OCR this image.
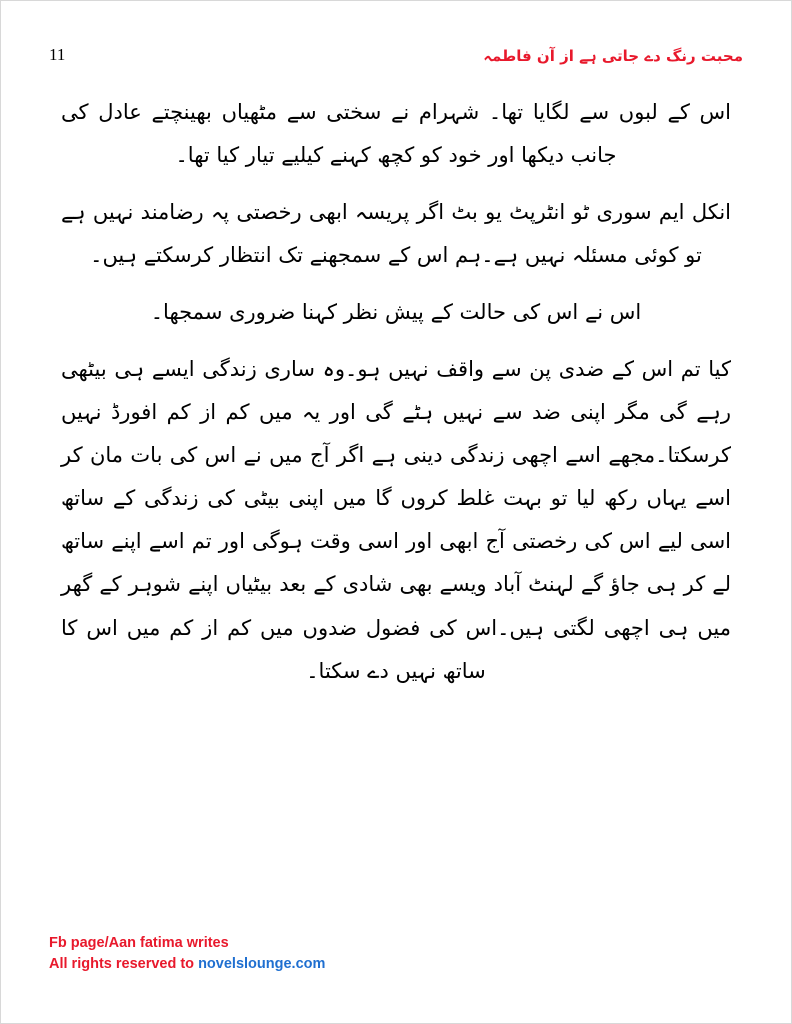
11	محبت رنگ دے جاتی ہے از آن فاطمہ

اس کے لبوں سے لگایا تھا۔ شہرام نے سختی سے مٹھیاں بھینچتے عادل کی جانب دیکھا اور خود کو کچھ کہنے کیلیے تیار کیا تھا۔

انکل ایم سوری ٹو انٹرپٹ یو بٹ اگر پریسہ ابھی رخصتی پہ رضامند نہیں ہے تو کوئی مسئلہ نہیں ہے۔ہم اس کے سمجھنے تک انتظار کرسکتے ہیں۔

اس نے اس کی حالت کے پیش نظر کہنا ضروری سمجھا۔

کیا تم اس کے ضدی پن سے واقف نہیں ہو۔وہ ساری زندگی ایسے ہی بیٹھی رہے گی مگر اپنی ضد سے نہیں ہٹے گی اور یہ میں کم از کم افورڈ نہیں کرسکتا۔مجھے اسے اچھی زندگی دینی ہے اگر آج میں نے اس کی بات مان کر اسے یہاں رکھ لیا تو بہت غلط کروں گا میں اپنی بیٹی کی زندگی کے ساتھ اسی لیے اس کی رخصتی آج ابھی اور اسی وقت ہوگی اور تم اسے اپنے ساتھ لے کر ہی جاؤ گے لہنٹ آباد ویسے بھی شادی کے بعد بیٹیاں اپنے شوہر کے گھر میں ہی اچھی لگتی ہیں۔اس کی فضول ضدوں میں کم از کم میں اس کا ساتھ نہیں دے سکتا۔

Fb page/Aan fatima writes
All rights reserved to novelslounge.com
